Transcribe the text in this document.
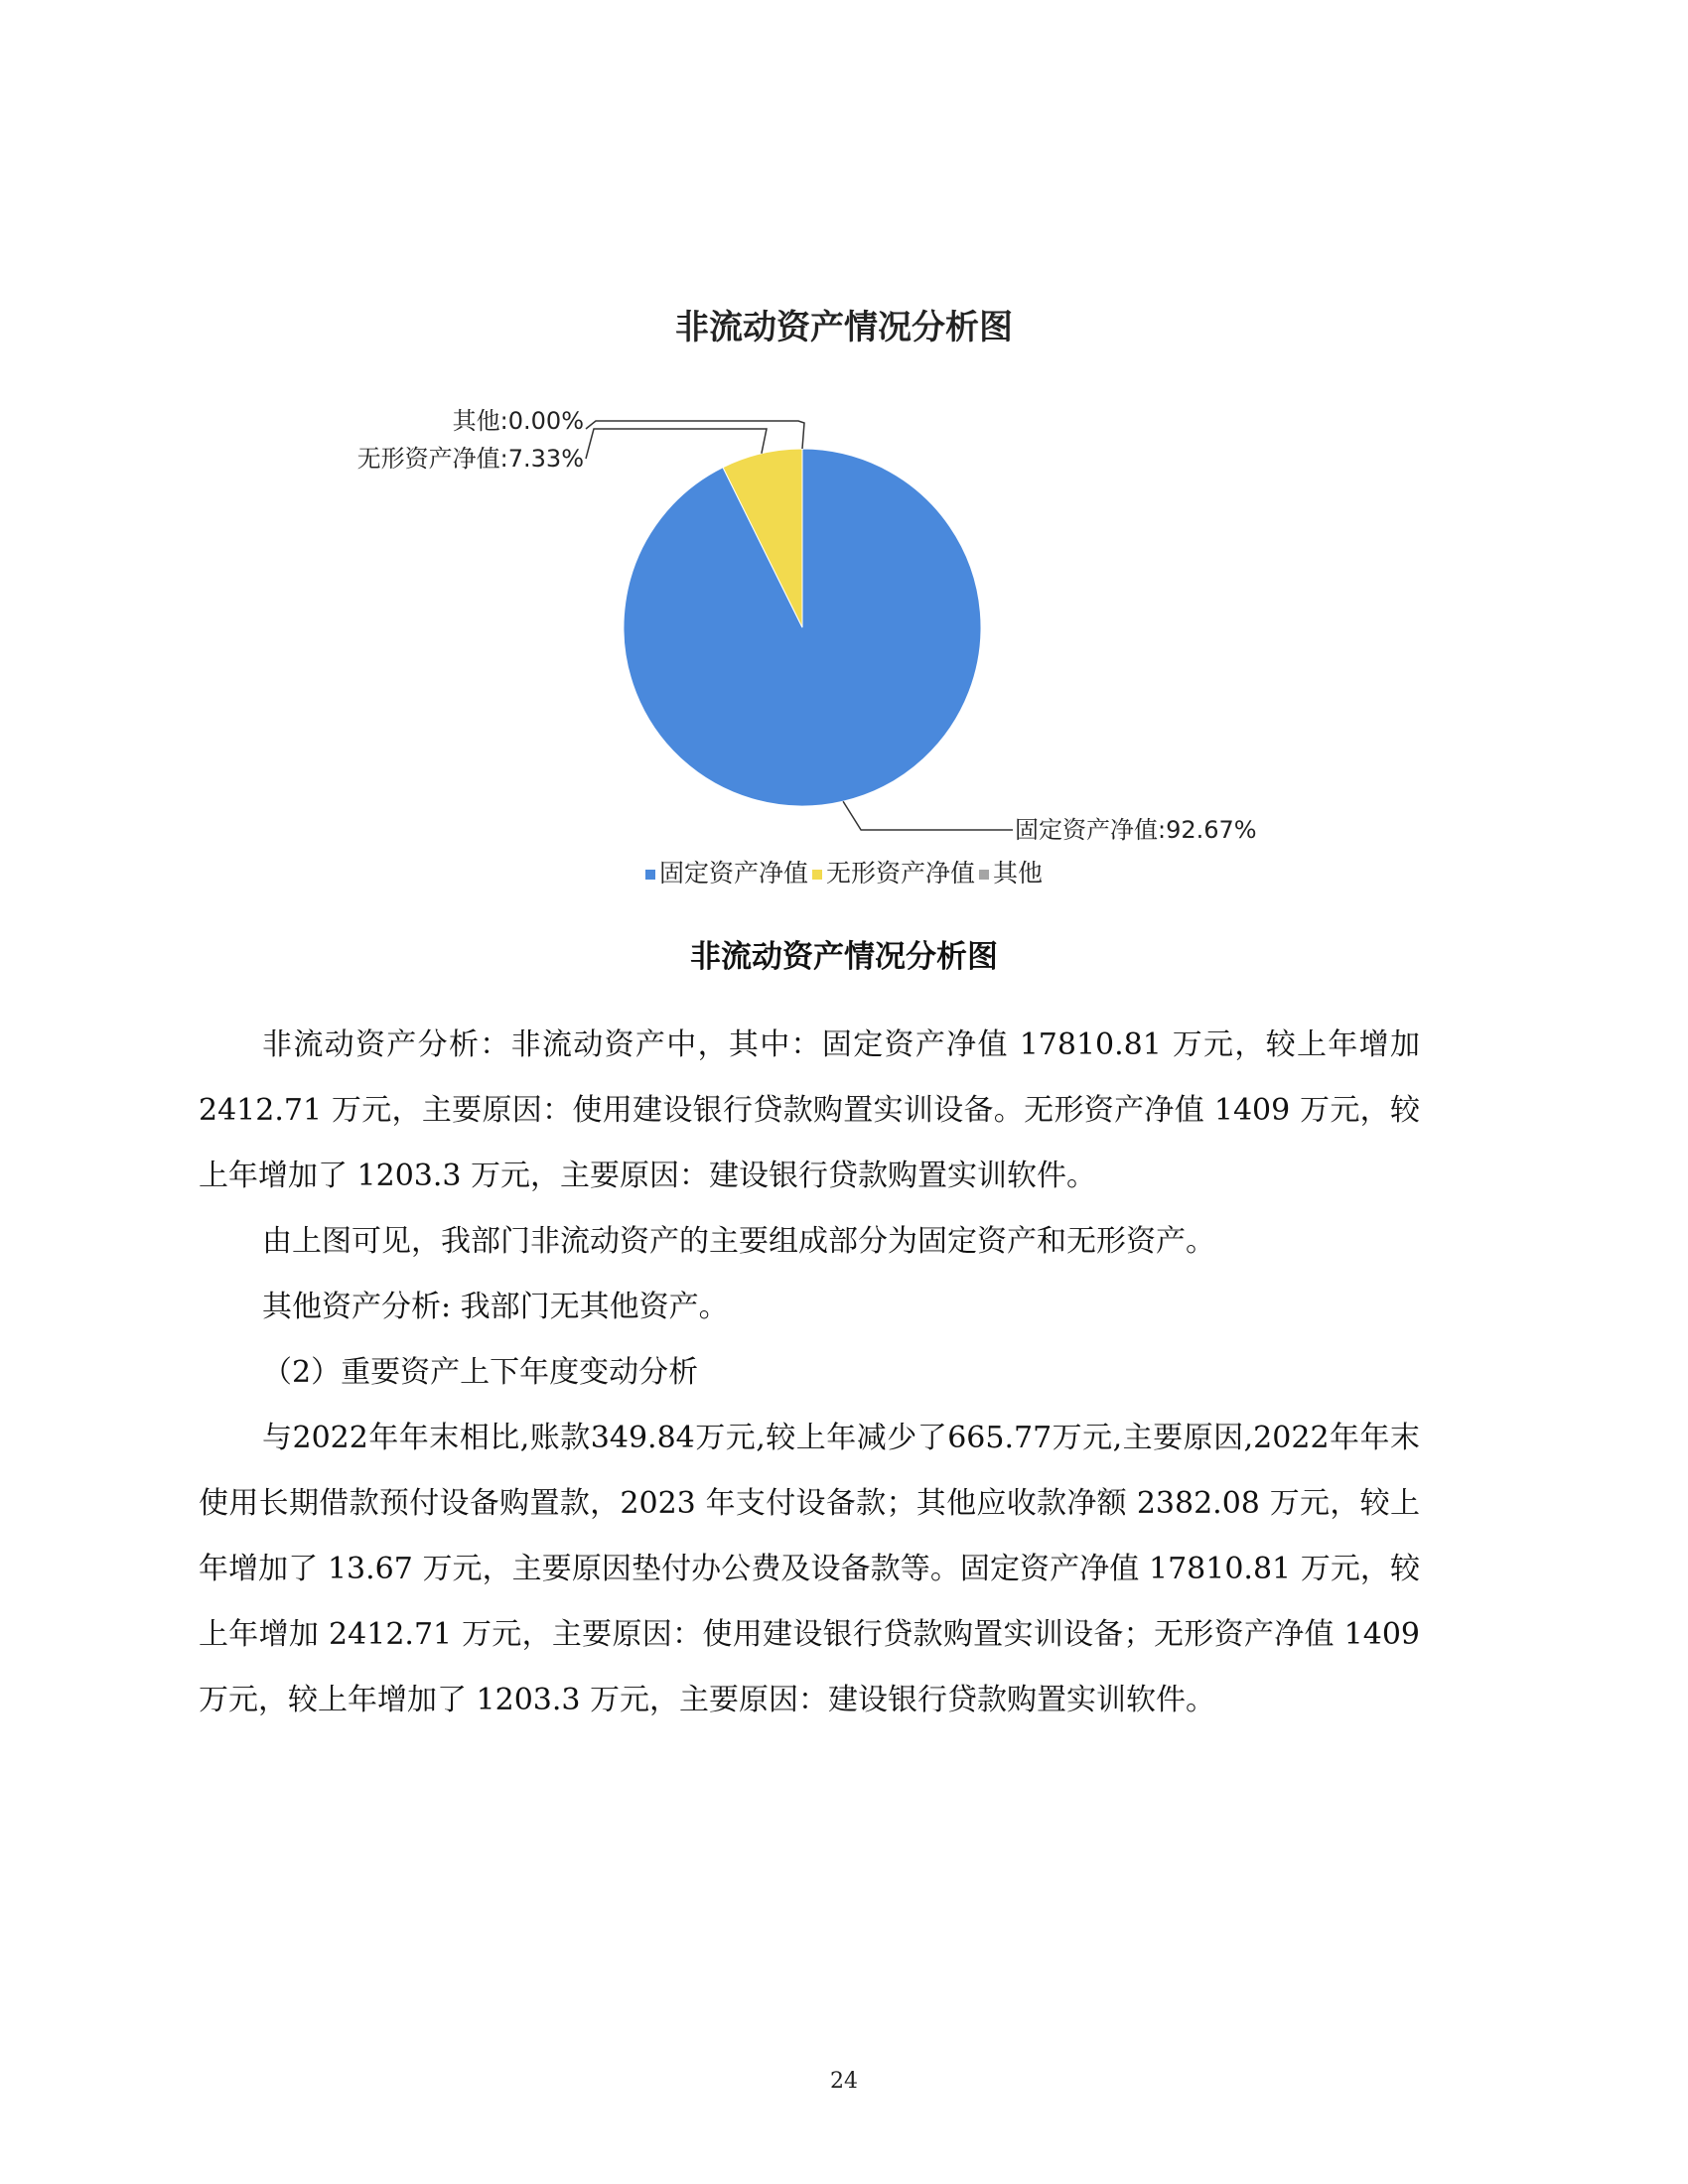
非流动资产情况分析图
固定资产净值:92.67%
无形资产净值:7.33%
其他:0.00%
固定资产净值 无形资产净值 其他
非流动资产情况分析图

非流动资产分析：非流动资产中，其中：固定资产净值 17810.81 万元，较上年增加 2412.71 万元，主要原因：使用建设银行贷款购置实训设备。无形资产净值 1409 万元，较上年增加了 1203.3 万元，主要原因：建设银行贷款购置实训软件。

由上图可见，我部门非流动资产的主要组成部分为固定资产和无形资产。

其他资产分析: 我部门无其他资产。

（2）重要资产上下年度变动分析

与2022年年末相比,账款349.84万元,较上年减少了665.77万元,主要原因,2022年年末使用长期借款预付设备购置款，2023 年支付设备款；其他应收款净额 2382.08 万元，较上年增加了 13.67 万元，主要原因垫付办公费及设备款等。固定资产净值 17810.81 万元，较上年增加 2412.71 万元，主要原因：使用建设银行贷款购置实训设备；无形资产净值 1409 万元，较上年增加了 1203.3 万元，主要原因：建设银行贷款购置实训软件。

24
